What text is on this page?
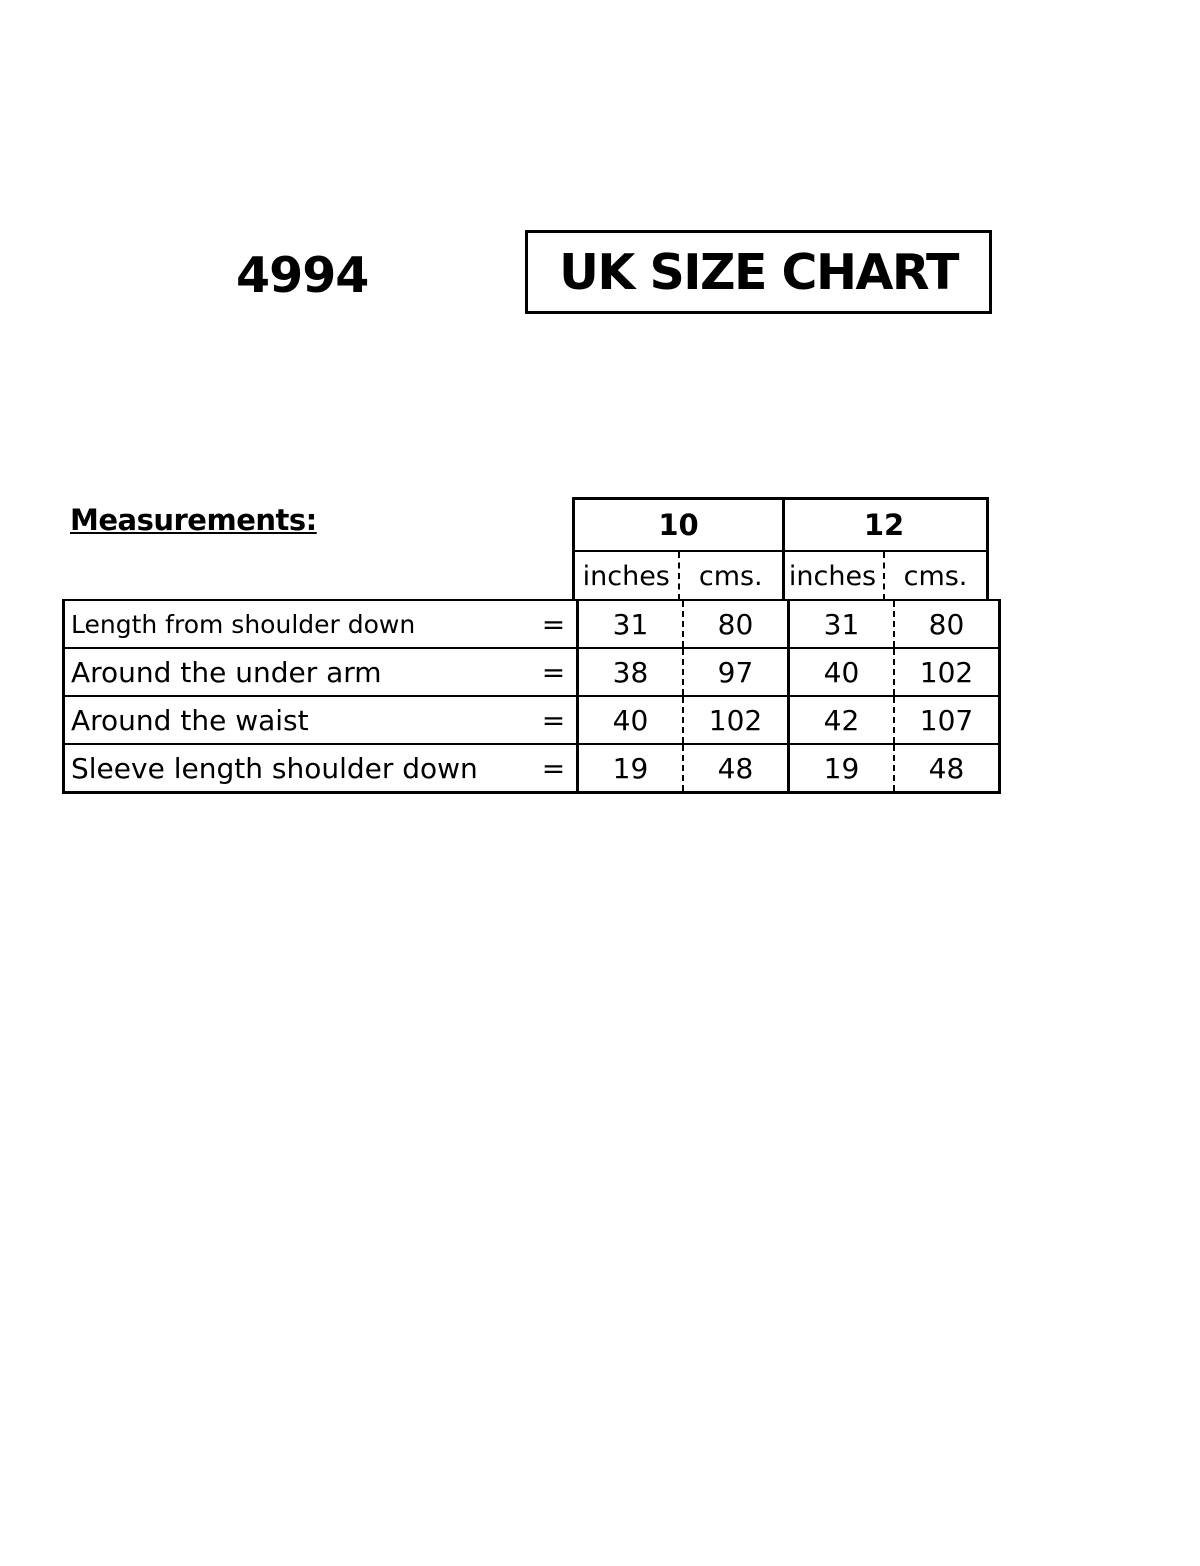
4994	UK SIZE CHART
Measurements:	10
inches	cms.
12
inches	cms.
Length from shoulder down	=	31	80	31	80
Around the under arm	=	38	97	40	102
Around the waist	=	40	102	42	107
Sleeve length shoulder down	=	19	48	19	48
